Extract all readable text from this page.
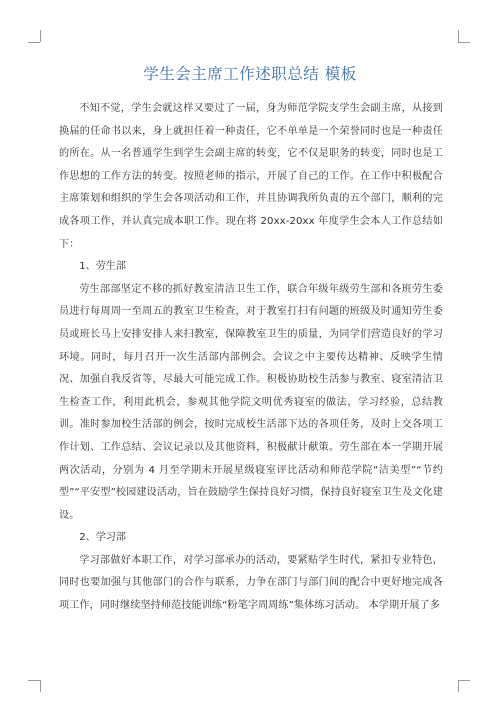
学生会主席工作述职总结 模板

不知不觉，学生会就这样又要过了一届，身为师范学院支学生会副主席，从接到换届的任命书以来，身上就担任着一种责任，它不单单是一个荣誉同时也是一种责任的所在。从一名普通学生到学生会副主席的转变，它不仅是职务的转变，同时也是工作思想的工作方法的转变。按照老师的指示，开展了自己的工作。在工作中积极配合主席策划和组织的学生会各项活动和工作，并且协调我所负责的五个部门，顺利的完成各项工作，并认真完成本职工作。现在将 20xx-20xx 年度学生会本人工作总结如下：

1、劳生部

劳生部部坚定不移的抓好教室清洁卫生工作，联合年级年级劳生部和各班劳生委员进行每周周一至周五的教室卫生检查，对于教室打扫有问题的班级及时通知劳生委员或班长马上安排安排人来扫教室，保障教室卫生的质量，为同学们营造良好的学习环境。同时，每月召开一次生活部内部例会。会议之中主要传达精神、反映学生情况、加强自我反省等，尽最大可能完成工作。积极协助校生活参与教室、寝室清洁卫生检查工作，利用此机会，参观其他学院文明优秀寝室的做法，学习经验，总结教训。准时参加校生活部的例会，按时完成校生活部下达的各项任务，及时上交各项工作计划、工作总结、会议记录以及其他资料，积极献计献策。劳生部在本一学期开展两次活动，分别为 4 月至学期末开展星级寝室评比活动和师范学院“洁美型”“节约型”“平安型”校园建设活动，旨在鼓励学生保持良好习惯，保持良好寝室卫生及文化建设。

2、学习部

学习部做好本职工作，对学习部承办的活动，要紧贴学生时代，紧扣专业特色，同时也要加强与其他部门的合作与联系，力争在部门与部门间的配合中更好地完成各项工作，同时继续坚持师范技能训练“粉笔字周周练”集体练习活动。 本学期开展了多
